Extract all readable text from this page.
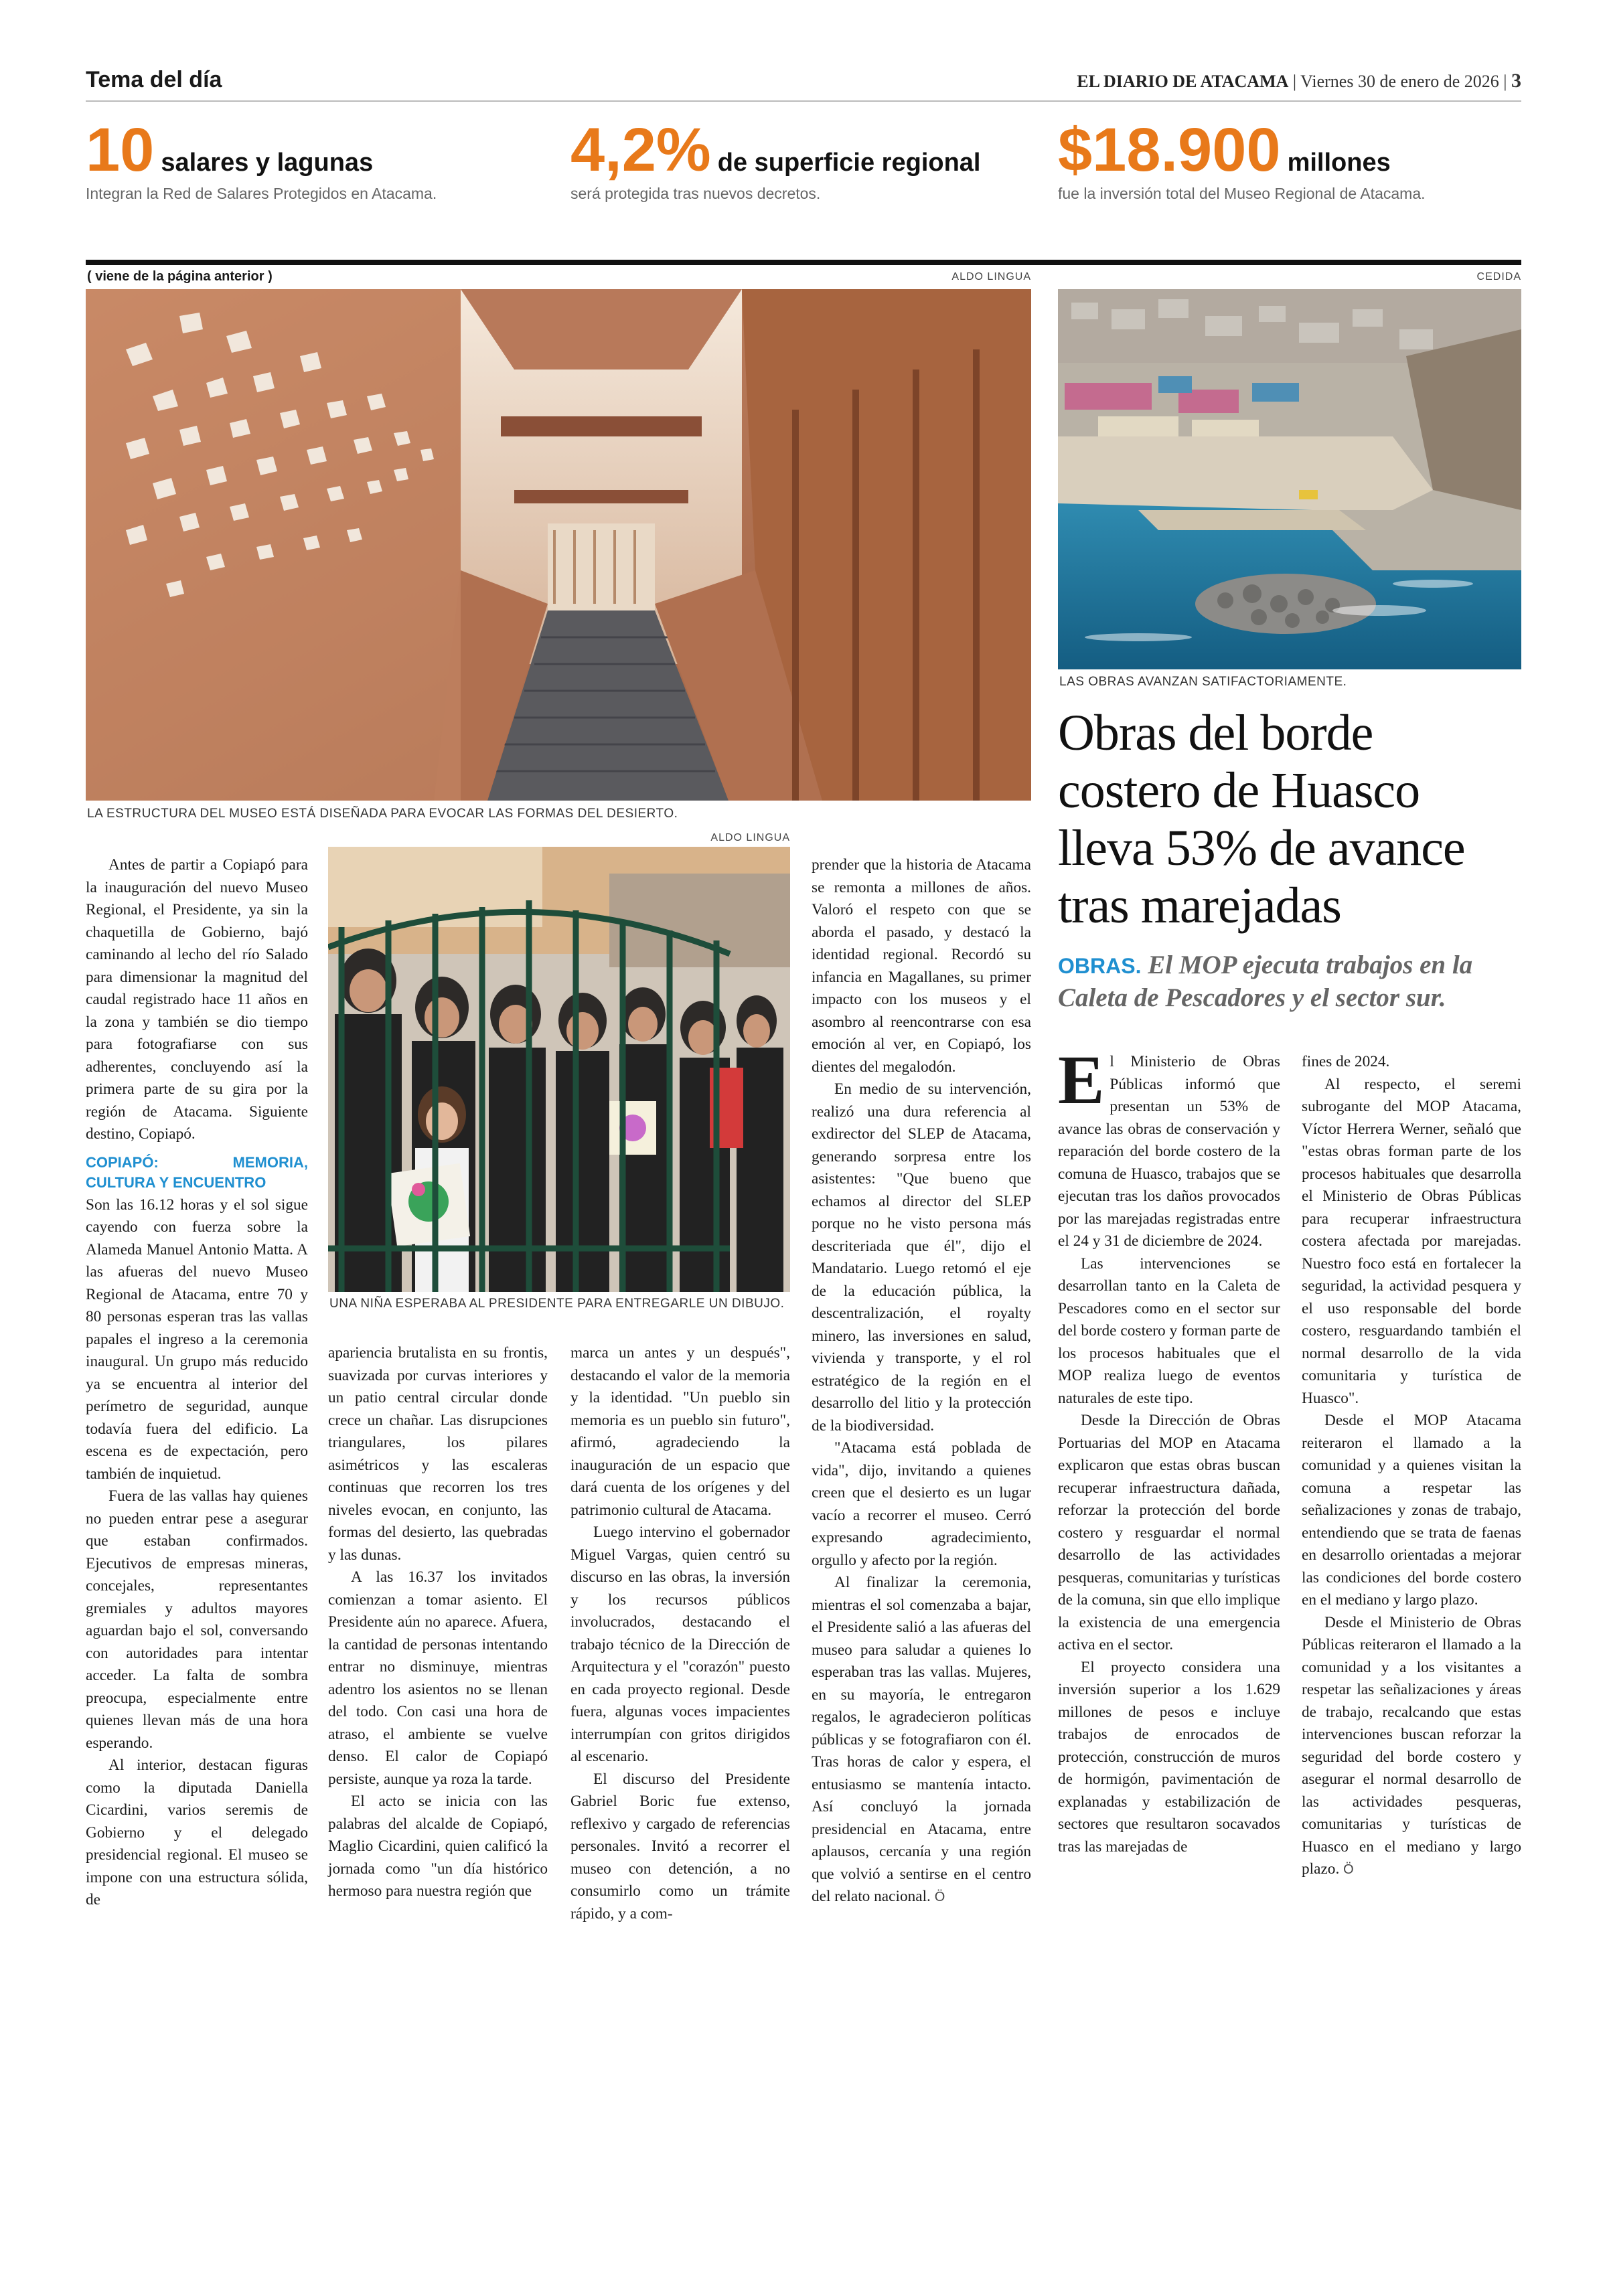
Tema del día	EL DIARIO DE ATACAMA | Viernes 30 de enero de 2026 | 3
10 salares y lagunas
Integran la Red de Salares Protegidos en Atacama.
4,2% de superficie regional
será protegida tras nuevos decretos.
$18.900 millones
fue la inversión total del Museo Regional de Atacama.
( viene de la página anterior )	ALDO LINGUA
LA ESTRUCTURA DEL MUSEO ESTÁ DISEÑADA PARA EVOCAR LAS FORMAS DEL DESIERTO.

Antes de partir a Copiapó para la inauguración del nuevo Museo Regional, el Presidente, ya sin la chaquetilla de Gobierno, bajó caminando al lecho del río Salado para dimensionar la magnitud del caudal registrado hace 11 años en la zona y también se dio tiempo para fotografiarse con sus adherentes, concluyendo así la primera parte de su gira por la región de Atacama. Siguiente destino, Copiapó.

COPIAPÓ: MEMORIA, CULTURA Y ENCUENTRO

Son las 16.12 horas y el sol sigue cayendo con fuerza sobre la Alameda Manuel Antonio Matta. A las afueras del nuevo Museo Regional de Atacama, entre 70 y 80 personas esperan tras las vallas papales el ingreso a la ceremonia inaugural. Un grupo más reducido ya se encuentra al interior del perímetro de seguridad, aunque todavía fuera del edificio. La escena es de expectación, pero también de inquietud.

Fuera de las vallas hay quienes no pueden entrar pese a asegurar que estaban confirmados. Ejecutivos de empresas mineras, concejales, representantes gremiales y adultos mayores aguardan bajo el sol, conversando con autoridades para intentar acceder. La falta de sombra preocupa, especialmente entre quienes llevan más de una hora esperando.

Al interior, destacan figuras como la diputada Daniella Cicardini, varios seremis de Gobierno y el delegado presidencial regional. El museo se impone con una estructura sólida, de

ALDO LINGUA
UNA NIÑA ESPERABA AL PRESIDENTE PARA ENTREGARLE UN DIBUJO.

apariencia brutalista en su frontis, suavizada por curvas interiores y un patio central circular donde crece un chañar. Las disrupciones triangulares, los pilares asimétricos y las escaleras continuas que recorren los tres niveles evocan, en conjunto, las formas del desierto, las quebradas y las dunas.

A las 16.37 los invitados comienzan a tomar asiento. El Presidente aún no aparece. Afuera, la cantidad de personas intentando entrar no disminuye, mientras adentro los asientos no se llenan del todo. Con casi una hora de atraso, el ambiente se vuelve denso. El calor de Copiapó persiste, aunque ya roza la tarde.

El acto se inicia con las palabras del alcalde de Copiapó, Maglio Cicardini, quien calificó la jornada como "un día histórico hermoso para nuestra región que

marca un antes y un después", destacando el valor de la memoria y la identidad. "Un pueblo sin memoria es un pueblo sin futuro", afirmó, agradeciendo la inauguración de un espacio que dará cuenta de los orígenes y del patrimonio cultural de Atacama.

Luego intervino el gobernador Miguel Vargas, quien centró su discurso en las obras, la inversión y los recursos públicos involucrados, destacando el trabajo técnico de la Dirección de Arquitectura y el "corazón" puesto en cada proyecto regional. Desde fuera, algunas voces impacientes interrumpían con gritos dirigidos al escenario.

El discurso del Presidente Gabriel Boric fue extenso, reflexivo y cargado de referencias personales. Invitó a recorrer el museo con detención, a no consumirlo como un trámite rápido, y a com-

prender que la historia de Atacama se remonta a millones de años. Valoró el respeto con que se aborda el pasado, y destacó la identidad regional. Recordó su infancia en Magallanes, su primer impacto con los museos y el asombro al reencontrarse con esa emoción al ver, en Copiapó, los dientes del megalodón.

En medio de su intervención, realizó una dura referencia al exdirector del SLEP de Atacama, generando sorpresa entre los asistentes: "Que bueno que echamos al director del SLEP porque no he visto persona más descriteriada que él", dijo el Mandatario. Luego retomó el eje de la educación pública, la descentralización, el royalty minero, las inversiones en salud, vivienda y transporte, y el rol estratégico de la región en el desarrollo del litio y la protección de la biodiversidad.

"Atacama está poblada de vida", dijo, invitando a quienes creen que el desierto es un lugar vacío a recorrer el museo. Cerró expresando agradecimiento, orgullo y afecto por la región.

Al finalizar la ceremonia, mientras el sol comenzaba a bajar, el Presidente salió a las afueras del museo para saludar a quienes lo esperaban tras las vallas. Mujeres, en su mayoría, le entregaron regalos, le agradecieron políticas públicas y se fotografiaron con él. Tras horas de calor y espera, el entusiasmo se mantenía intacto. Así concluyó la jornada presidencial en Atacama, entre aplausos, cercanía y una región que volvió a sentirse en el centro del relato nacional. Ö

CEDIDA
LAS OBRAS AVANZAN SATIFACTORIAMENTE.
Obras del borde costero de Huasco lleva 53% de avance tras marejadas
OBRAS. El MOP ejecuta trabajos en la Caleta de Pescadores y el sector sur.

El Ministerio de Obras Públicas informó que presentan un 53% de avance las obras de conservación y reparación del borde costero de la comuna de Huasco, trabajos que se ejecutan tras los daños provocados por las marejadas registradas entre el 24 y 31 de diciembre de 2024.

Las intervenciones se desarrollan tanto en la Caleta de Pescadores como en el sector sur del borde costero y forman parte de los procesos habituales que el MOP realiza luego de eventos naturales de este tipo.

Desde la Dirección de Obras Portuarias del MOP en Atacama explicaron que estas obras buscan recuperar infraestructura dañada, reforzar la protección del borde costero y resguardar el normal desarrollo de las actividades pesqueras, comunitarias y turísticas de la comuna, sin que ello implique la existencia de una emergencia activa en el sector.

El proyecto considera una inversión superior a los 1.629 millones de pesos e incluye trabajos de enrocados de protección, construcción de muros de hormigón, pavimentación de explanadas y estabilización de sectores que resultaron socavados tras las marejadas de

fines de 2024.

Al respecto, el seremi subrogante del MOP Atacama, Víctor Herrera Werner, señaló que "estas obras forman parte de los procesos habituales que desarrolla el Ministerio de Obras Públicas para recuperar infraestructura costera afectada por marejadas. Nuestro foco está en fortalecer la seguridad, la actividad pesquera y el uso responsable del borde costero, resguardando también el normal desarrollo de la vida comunitaria y turística de Huasco".

Desde el MOP Atacama reiteraron el llamado a la comunidad y a quienes visitan la comuna a respetar las señalizaciones y zonas de trabajo, entendiendo que se trata de faenas en desarrollo orientadas a mejorar las condiciones del borde costero en el mediano y largo plazo.

Desde el Ministerio de Obras Públicas reiteraron el llamado a la comunidad y a los visitantes a respetar las señalizaciones y áreas de trabajo, recalcando que estas intervenciones buscan reforzar la seguridad del borde costero y asegurar el normal desarrollo de las actividades pesqueras, comunitarias y turísticas de Huasco en el mediano y largo plazo. Ö
